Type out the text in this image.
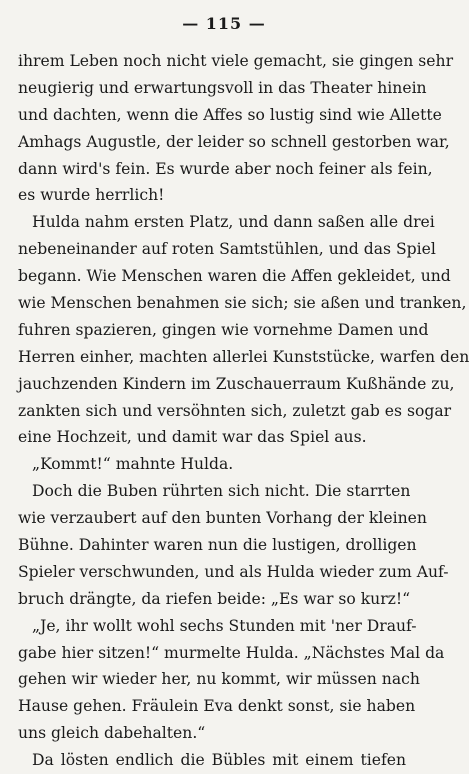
— 115 —
ihrem Leben noch nicht viele gemacht, sie gingen sehr
neugierig und erwartungsvoll in das Theater hinein
und dachten, wenn die Affes so lustig sind wie Allette
Amhags Augustle, der leider so schnell gestorben war,
dann wird's fein. Es wurde aber noch feiner als fein,
es wurde herrlich!
Hulda nahm ersten Platz, und dann saßen alle drei
nebeneinander auf roten Samtstühlen, und das Spiel
begann. Wie Menschen waren die Affen gekleidet, und
wie Menschen benahmen sie sich; sie aßen und tranken,
fuhren spazieren, gingen wie vornehme Damen und
Herren einher, machten allerlei Kunststücke, warfen den
jauchzenden Kindern im Zuschauerraum Kußhände zu,
zankten sich und versöhnten sich, zuletzt gab es sogar
eine Hochzeit, und damit war das Spiel aus.
„Kommt!“ mahnte Hulda.
Doch die Buben rührten sich nicht. Die starrten
wie verzaubert auf den bunten Vorhang der kleinen
Bühne. Dahinter waren nun die lustigen, drolligen
Spieler verschwunden, und als Hulda wieder zum Auf-
bruch drängte, da riefen beide: „Es war so kurz!“
„Je, ihr wollt wohl sechs Stunden mit 'ner Drauf-
gabe hier sitzen!“ murmelte Hulda. „Nächstes Mal da
gehen wir wieder her, nu kommt, wir müssen nach
Hause gehen. Fräulein Eva denkt sonst, sie haben
uns gleich dabehalten.“
Da lösten endlich die Bübles mit einem tiefen
